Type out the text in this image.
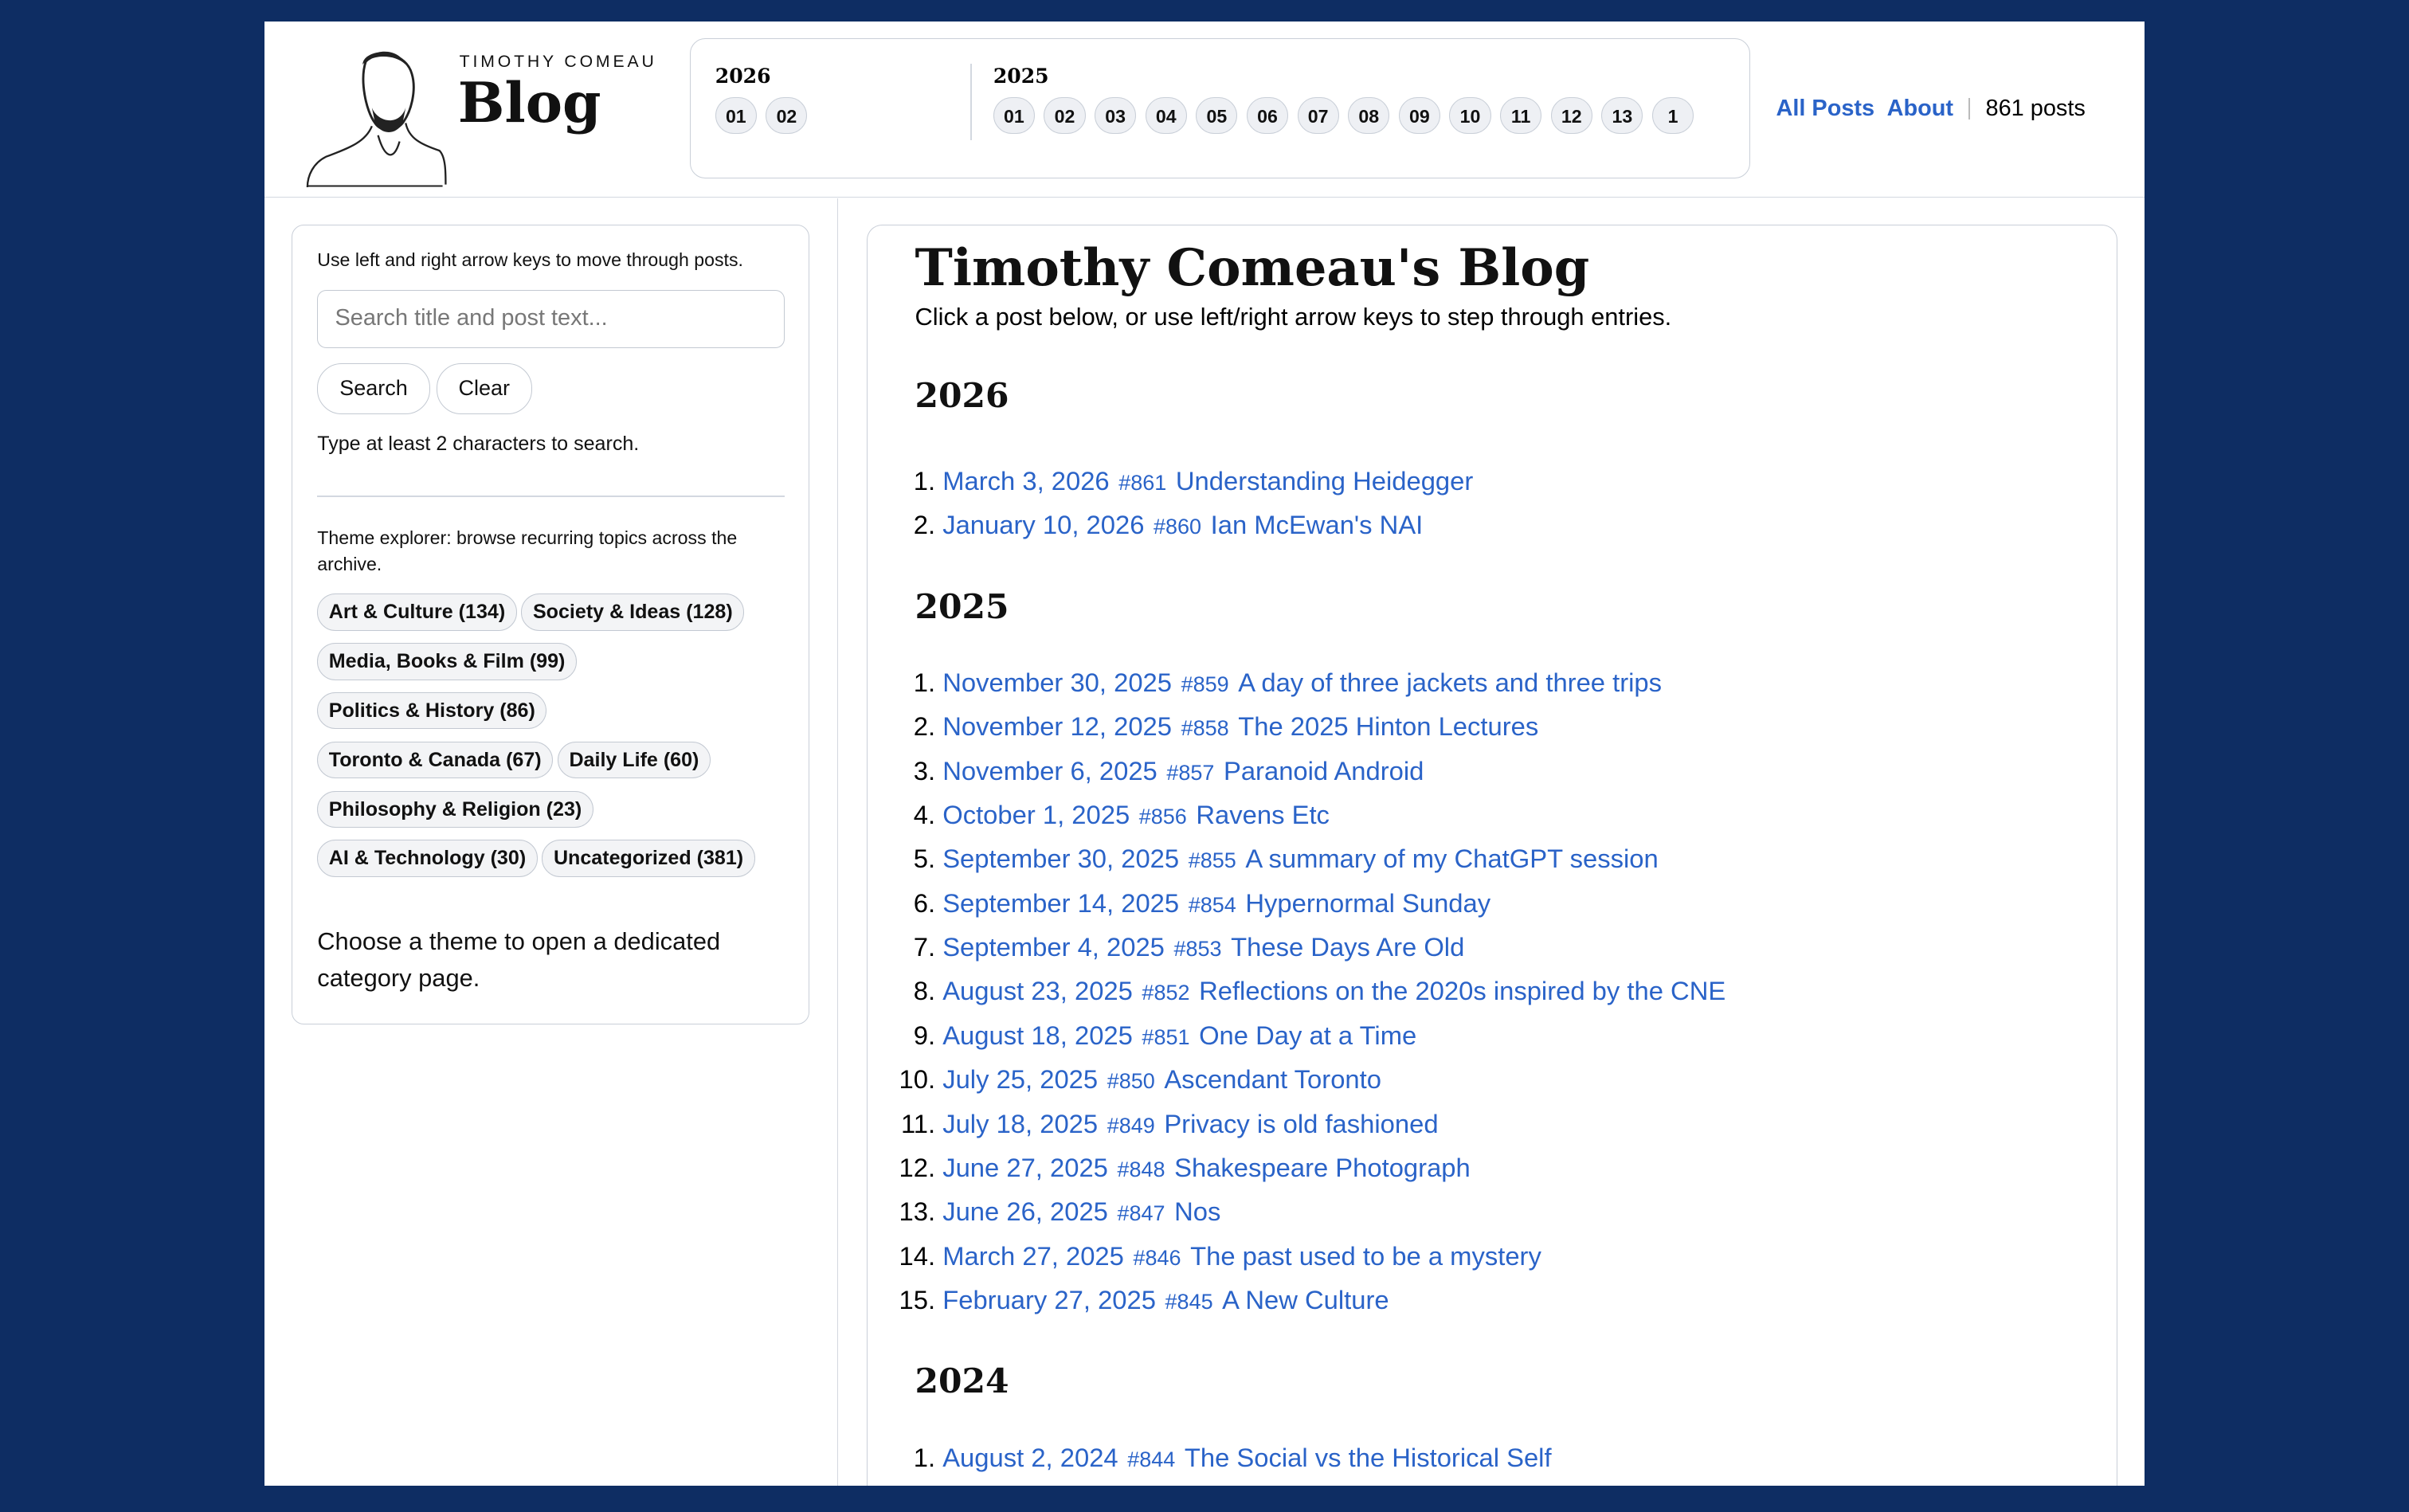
TIMOTHY COMEAU
Blog	2026
01	02
2025
01	02	03	04	05	06	07	08	09	10	11	12	13	1	All Posts About	861 posts
Use left and right arrow keys to move through posts.
Search title and post text...
Search	Clear
Type at least 2 characters to search.
Theme explorer: browse recurring topics across the archive.
Art & Culture (134)	Society & Ideas (128)
Media, Books & Film (99)
Politics & History (86)
Toronto & Canada (67)	Daily Life (60)
Philosophy & Religion (23)
AI & Technology (30)	Uncategorized (381)
Choose a theme to open a dedicated category page.
Timothy Comeau's Blog
Click a post below, or use left/right arrow keys to step through entries.
2026
1. March 3, 2026 #861 Understanding Heidegger
2. January 10, 2026 #860 Ian McEwan's NAI
2025
1. November 30, 2025 #859 A day of three jackets and three trips
2. November 12, 2025 #858 The 2025 Hinton Lectures
3. November 6, 2025 #857 Paranoid Android
4. October 1, 2025 #856 Ravens Etc
5. September 30, 2025 #855 A summary of my ChatGPT session
6. September 14, 2025 #854 Hypernormal Sunday
7. September 4, 2025 #853 These Days Are Old
8. August 23, 2025 #852 Reflections on the 2020s inspired by the CNE
9. August 18, 2025 #851 One Day at a Time
10. July 25, 2025 #850 Ascendant Toronto
11. July 18, 2025 #849 Privacy is old fashioned
12. June 27, 2025 #848 Shakespeare Photograph
13. June 26, 2025 #847 Nos
14. March 27, 2025 #846 The past used to be a mystery
15. February 27, 2025 #845 A New Culture
2024
1. August 2, 2024 #844 The Social vs the Historical Self
